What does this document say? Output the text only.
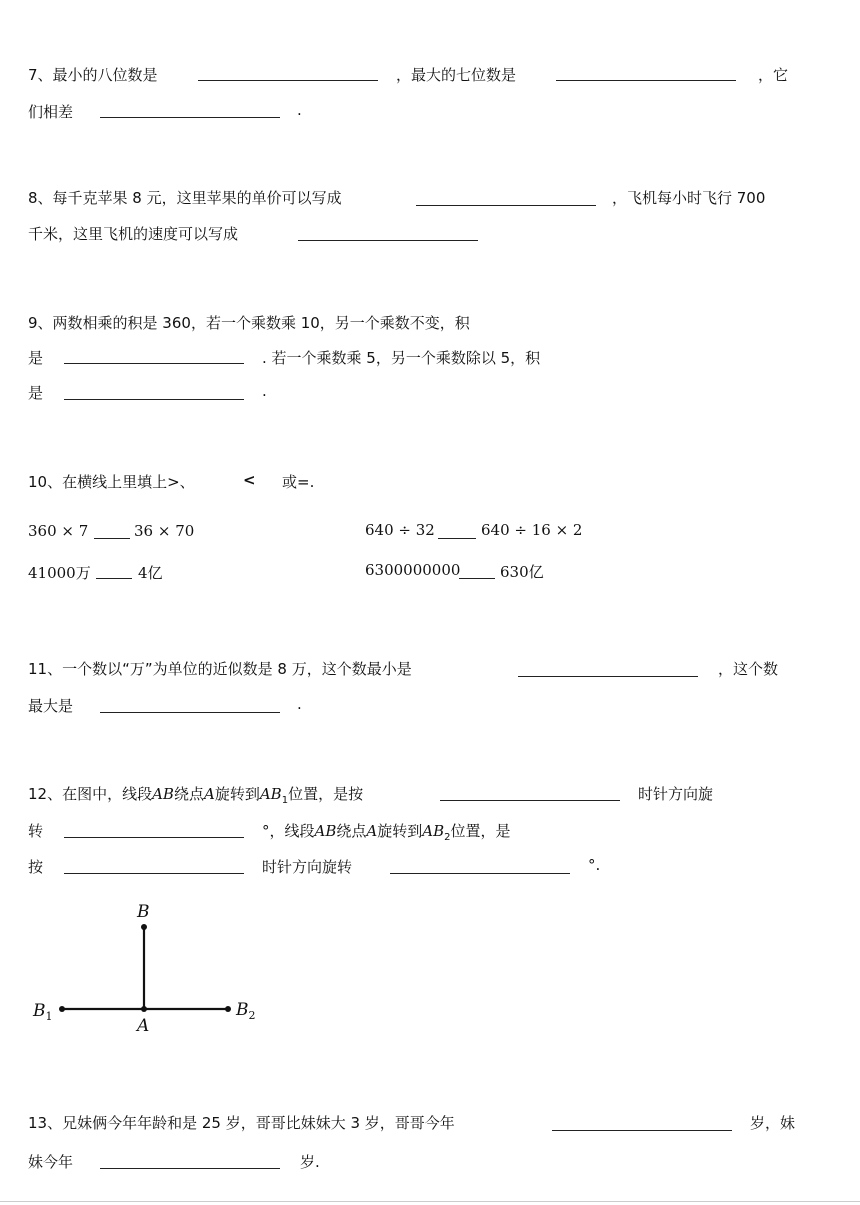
7、最小的八位数是	，最大的七位数是	，它
们相差	.
8、每千克苹果 8 元，这里苹果的单价可以写成	，飞机每小时飞行 700
千米，这里飞机的速度可以写成
9、两数相乘的积是 360，若一个乘数乘 10，另一个乘数不变，积
是	. 若一个乘数乘 5，另一个乘数除以 5，积
是	.
10、在横线上里填上>、	< 或=.
360 × 7	36 × 70	640 ÷ 32	640 ÷ 16 × 2
41000万	4亿	6300000000	630亿
11、一个数以“万”为单位的近似数是 8 万，这个数最小是	，这个数
最大是	.
12、在图中，线段AB绕点A旋转到$AB_1$位置，是按	时针方向旋
转	°，线段AB绕点A旋转到$AB_2$位置，是
按	时针方向旋转	°.
B
A
$B_1$	$B_2$
13、兄妹俩今年年龄和是 25 岁，哥哥比妹妹大 3 岁，哥哥今年	岁，妹
妹今年	岁.
